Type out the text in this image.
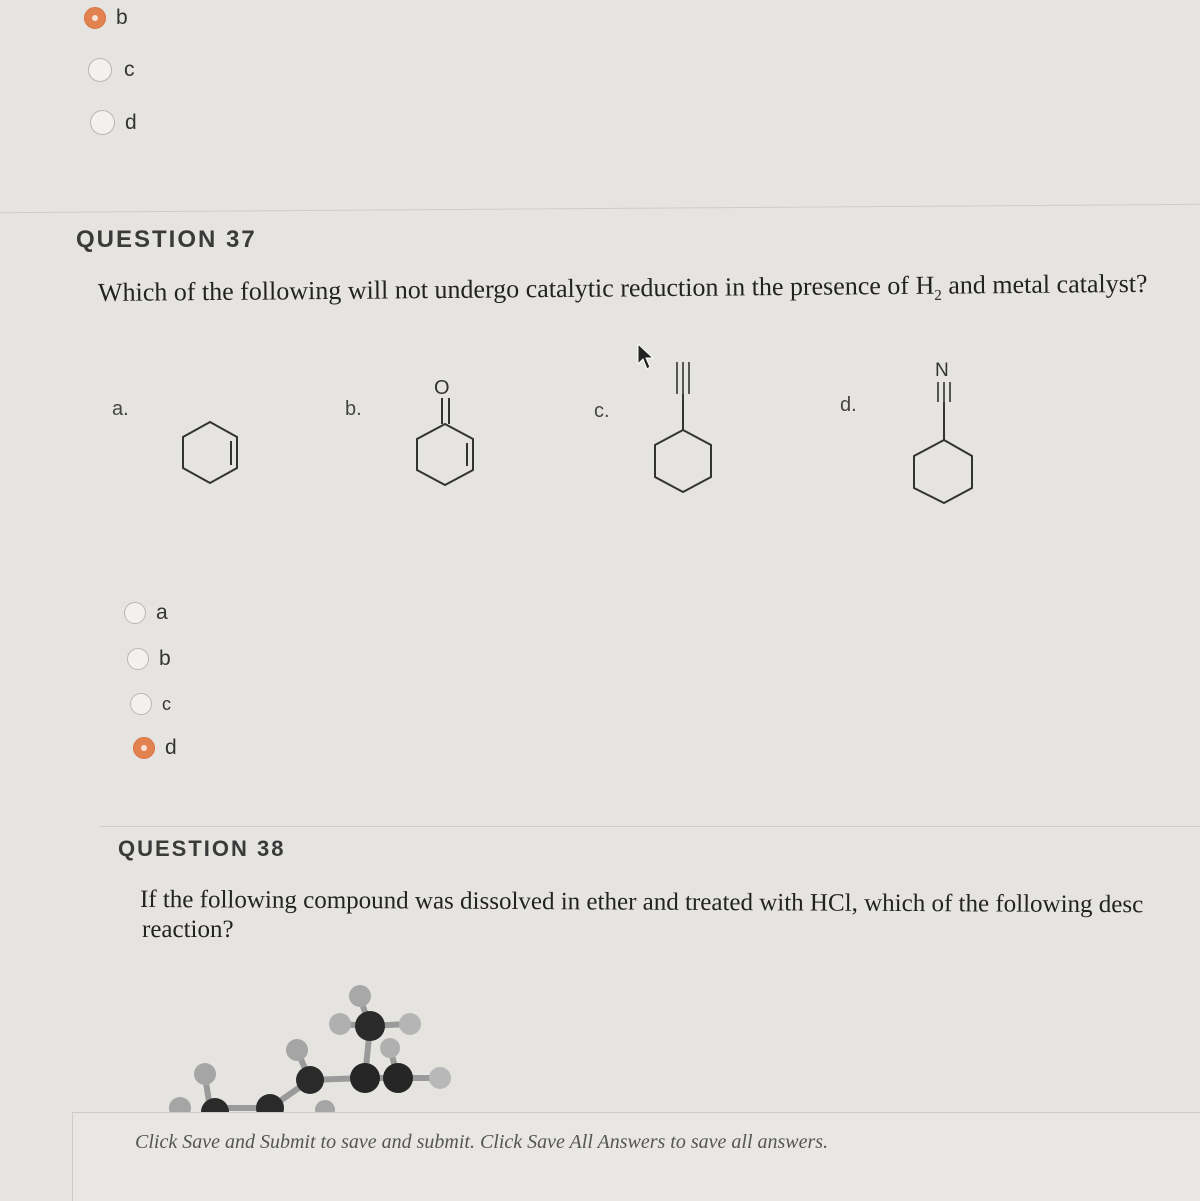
b
c
d
QUESTION 37
Which of the following will not undergo catalytic reduction in the presence of $H_2$ and metal catalyst?
a.	b.	c.	d.
O
N
a
b
c
d
QUESTION 38
If the following compound was dissolved in ether and treated with HCl, which of the following desc
reaction?
Click Save and Submit to save and submit. Click Save All Answers to save all answers.
